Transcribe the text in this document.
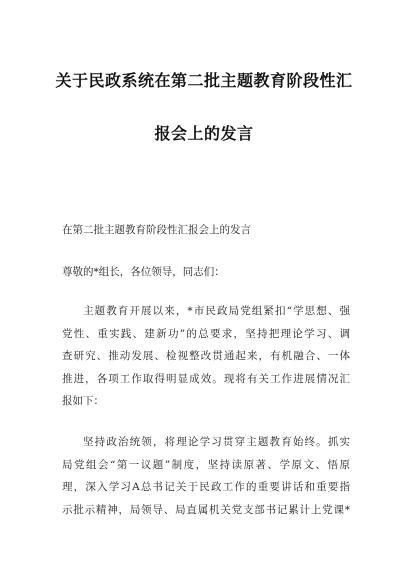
关于民政系统在第二批主题教育阶段性汇
报会上的发言
在第二批主题教育阶段性汇报会上的发言
尊敬的*组长，各位领导，同志们：
主题教育开展以来，*市民政局党组紧扣“学思想、强
党性、重实践、建新功”的总要求，坚持把理论学习、调
查研究、推动发展、检视整改贯通起来，有机融合、一体
推进，各项工作取得明显成效。现将有关工作进展情况汇
报如下：
坚持政治统领，将理论学习贯穿主题教育始终。抓实
局党组会“第一议题”制度，坚持读原著、学原文、悟原
理，深入学习A总书记关于民政工作的重要讲话和重要指
示批示精神，局领导、局直属机关党支部书记累计上党课*
